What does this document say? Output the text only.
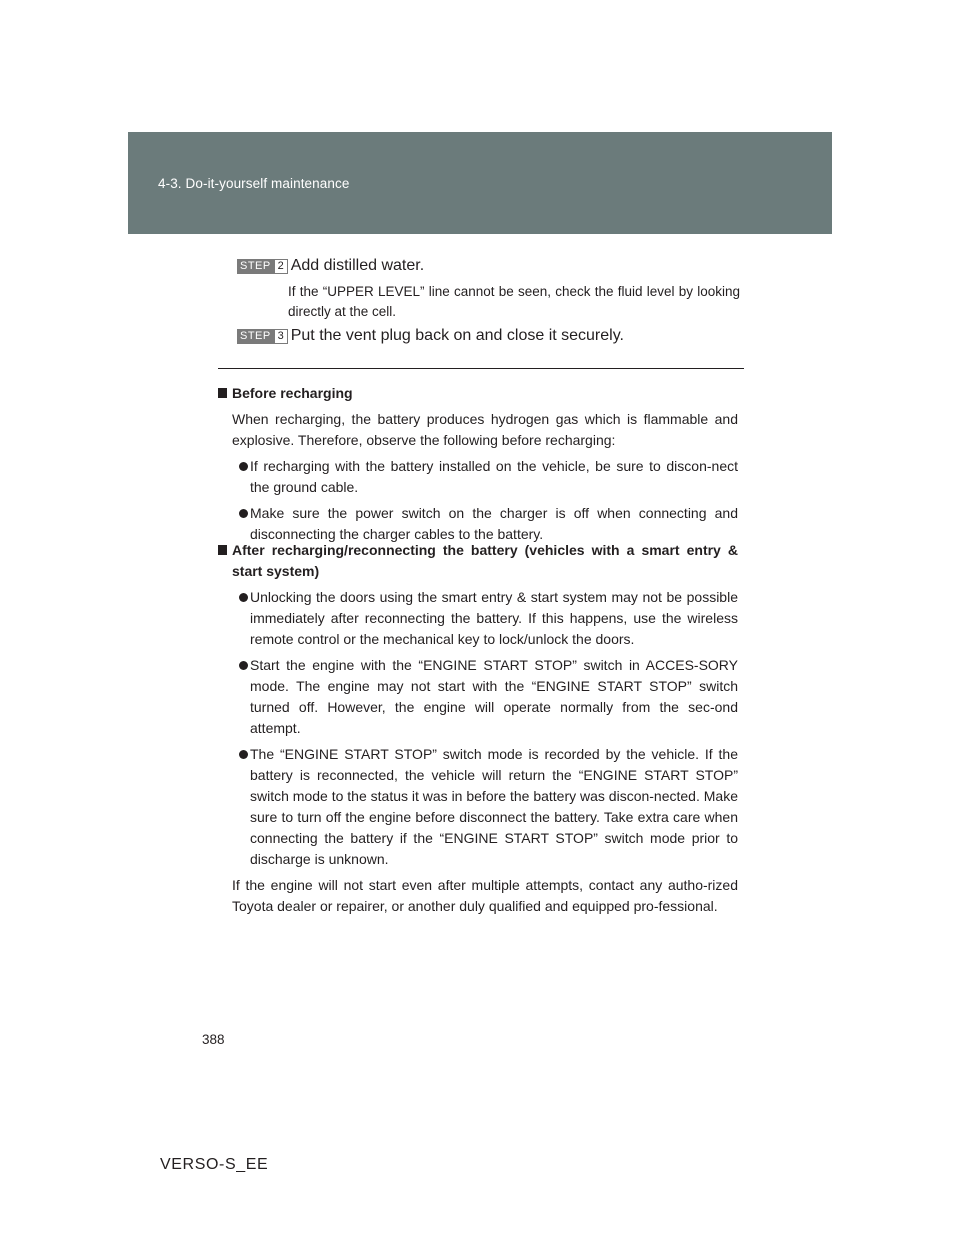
4-3. Do-it-yourself maintenance
STEP 2 Add distilled water.
If the “UPPER LEVEL” line cannot be seen, check the fluid level by looking directly at the cell.
STEP 3 Put the vent plug back on and close it securely.
Before recharging
When recharging, the battery produces hydrogen gas which is flammable and explosive. Therefore, observe the following before recharging:
If recharging with the battery installed on the vehicle, be sure to discon-nect the ground cable.
Make sure the power switch on the charger is off when connecting and disconnecting the charger cables to the battery.
After recharging/reconnecting the battery (vehicles with a smart entry & start system)
Unlocking the doors using the smart entry & start system may not be possible immediately after reconnecting the battery. If this happens, use the wireless remote control or the mechanical key to lock/unlock the doors.
Start the engine with the “ENGINE START STOP” switch in ACCES-SORY mode. The engine may not start with the “ENGINE START STOP” switch turned off. However, the engine will operate normally from the sec-ond attempt.
The “ENGINE START STOP” switch mode is recorded by the vehicle. If the battery is reconnected, the vehicle will return the “ENGINE START STOP” switch mode to the status it was in before the battery was discon-nected. Make sure to turn off the engine before disconnect the battery. Take extra care when connecting the battery if the “ENGINE START STOP” switch mode prior to discharge is unknown.
If the engine will not start even after multiple attempts, contact any autho-rized Toyota dealer or repairer, or another duly qualified and equipped pro-fessional.
388
VERSO-S_EE
